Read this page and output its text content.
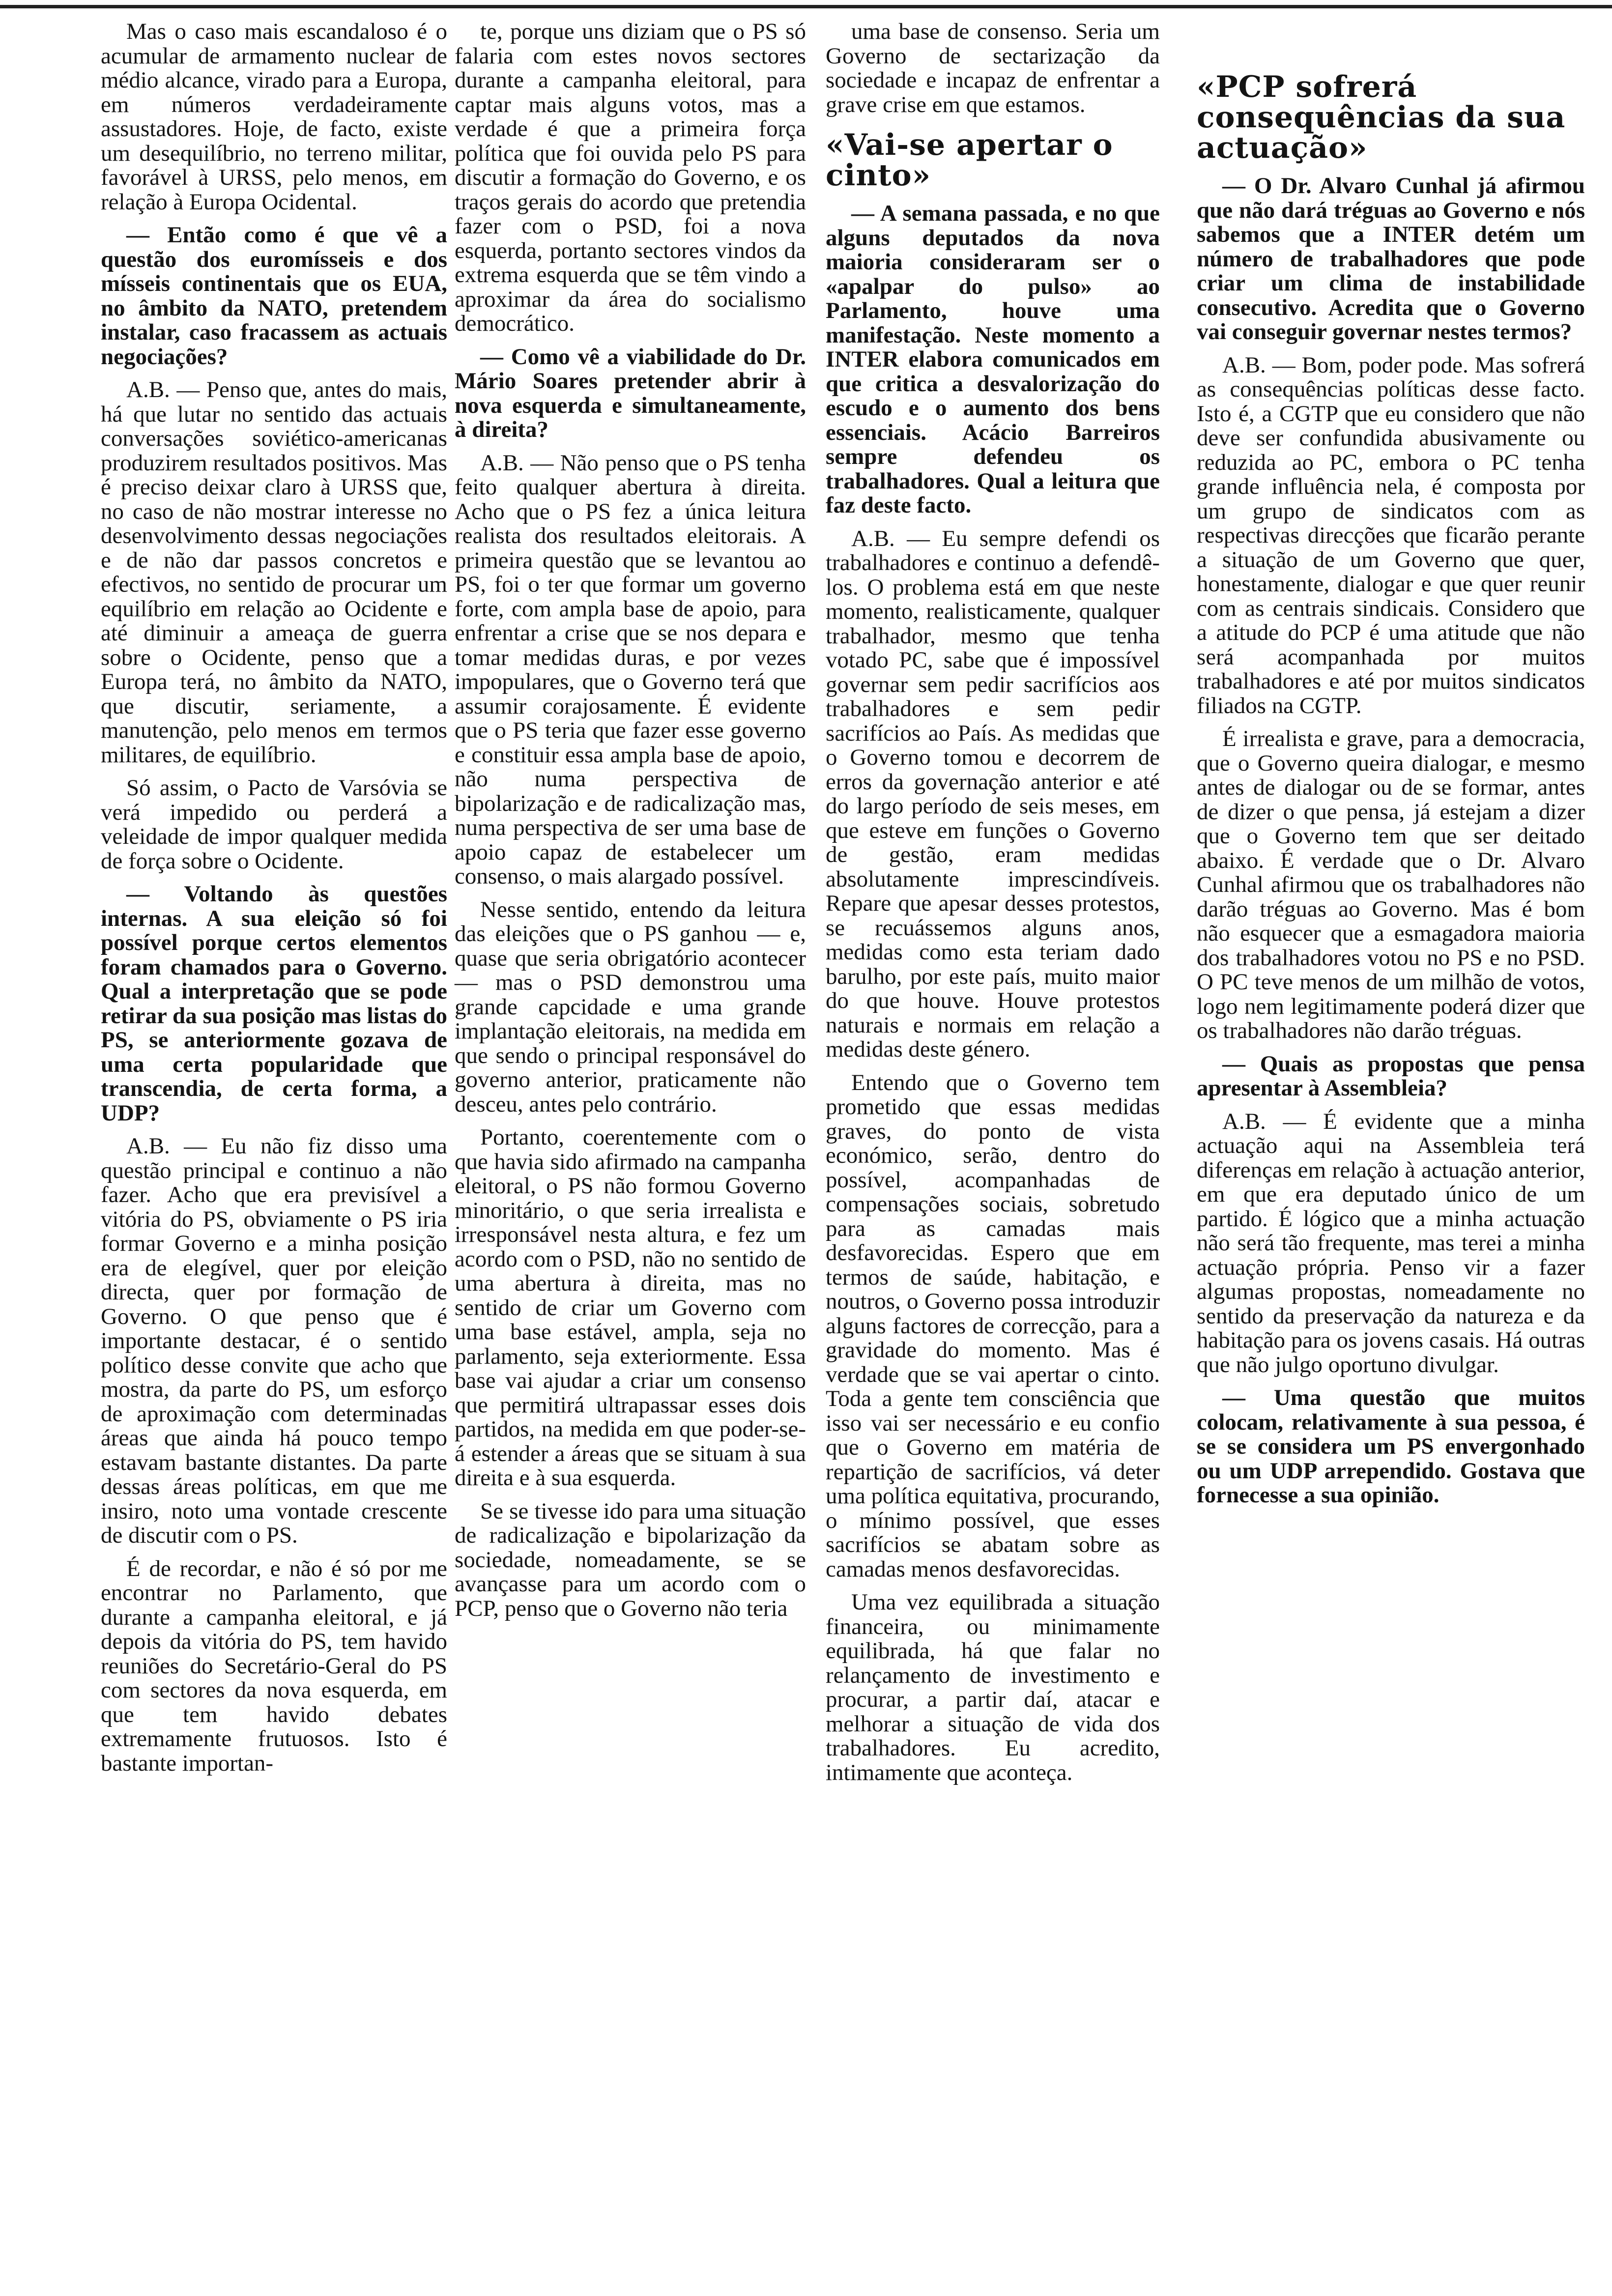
Mas o caso mais escandaloso é o acumular de armamento nuclear de médio alcance, virado para a Europa, em números verdadeiramente assustadores. Hoje, de facto, existe um desequilíbrio, no terreno militar, favorável à URSS, pelo menos, em relação à Europa Ocidental.

— Então como é que vê a questão dos euromísseis e dos mísseis continentais que os EUA, no âmbito da NATO, pretendem instalar, caso fracassem as actuais negociações?

A.B. — Penso que, antes do mais, há que lutar no sentido das actuais conversações soviético-americanas produzirem resultados positivos. Mas é preciso deixar claro à URSS que, no caso de não mostrar interesse no desenvolvimento dessas negociações e de não dar passos concretos e efectivos, no sentido de procurar um equilíbrio em relação ao Ocidente e até diminuir a ameaça de guerra sobre o Ocidente, penso que a Europa terá, no âmbito da NATO, que discutir, seriamente, a manutenção, pelo menos em termos militares, de equilíbrio.

Só assim, o Pacto de Varsóvia se verá impedido ou perderá a veleidade de impor qualquer medida de força sobre o Ocidente.

— Voltando às questões internas. A sua eleição só foi possível porque certos elementos foram chamados para o Governo. Qual a interpretação que se pode retirar da sua posição mas listas do PS, se anteriormente gozava de uma certa popularidade que transcendia, de certa forma, a UDP?

A.B. — Eu não fiz disso uma questão principal e continuo a não fazer. Acho que era previsível a vitória do PS, obviamente o PS iria formar Governo e a minha posição era de elegível, quer por eleição directa, quer por formação de Governo. O que penso que é importante destacar, é o sentido político desse convite que acho que mostra, da parte do PS, um esforço de aproximação com determinadas áreas que ainda há pouco tempo estavam bastante distantes. Da parte dessas áreas políticas, em que me insiro, noto uma vontade crescente de discutir com o PS.

É de recordar, e não é só por me encontrar no Parlamento, que durante a campanha eleitoral, e já depois da vitória do PS, tem havido reuniões do Secretário-Geral do PS com sectores da nova esquerda, em que tem havido debates extremamente frutuosos. Isto é bastante importan-

te, porque uns diziam que o PS só falaria com estes novos sectores durante a campanha eleitoral, para captar mais alguns votos, mas a verdade é que a primeira força política que foi ouvida pelo PS para discutir a formação do Governo, e os traços gerais do acordo que pretendia fazer com o PSD, foi a nova esquerda, portanto sectores vindos da extrema esquerda que se têm vindo a aproximar da área do socialismo democrático.

— Como vê a viabilidade do Dr. Mário Soares pretender abrir à nova esquerda e simultaneamente, à direita?

A.B. — Não penso que o PS tenha feito qualquer abertura à direita. Acho que o PS fez a única leitura realista dos resultados eleitorais. A primeira questão que se levantou ao PS, foi o ter que formar um governo forte, com ampla base de apoio, para enfrentar a crise que se nos depara e tomar medidas duras, e por vezes impopulares, que o Governo terá que assumir corajosamente. É evidente que o PS teria que fazer esse governo e constituir essa ampla base de apoio, não numa perspectiva de bipolarização e de radicalização mas, numa perspectiva de ser uma base de apoio capaz de estabelecer um consenso, o mais alargado possível.

Nesse sentido, entendo da leitura das eleições que o PS ganhou — e, quase que seria obrigatório acontecer — mas o PSD demonstrou uma grande capcidade e uma grande implantação eleitorais, na medida em que sendo o principal responsável do governo anterior, praticamente não desceu, antes pelo contrário.

Portanto, coerentemente com o que havia sido afirmado na campanha eleitoral, o PS não formou Governo minoritário, o que seria irrealista e irresponsável nesta altura, e fez um acordo com o PSD, não no sentido de uma abertura à direita, mas no sentido de criar um Governo com uma base estável, ampla, seja no parlamento, seja exteriormente. Essa base vai ajudar a criar um consenso que permitirá ultrapassar esses dois partidos, na medida em que poder-se-á estender a áreas que se situam à sua direita e à sua esquerda.

Se se tivesse ido para uma situação de radicalização e bipolarização da sociedade, nomeadamente, se se avançasse para um acordo com o PCP, penso que o Governo não teria

uma base de consenso. Seria um Governo de sectarização da sociedade e incapaz de enfrentar a grave crise em que estamos.

«Vai-se apertar o cinto»

— A semana passada, e no que alguns deputados da nova maioria consideraram ser o «apalpar do pulso» ao Parlamento, houve uma manifestação. Neste momento a INTER elabora comunicados em que critica a desvalorização do escudo e o aumento dos bens essenciais. Acácio Barreiros sempre defendeu os trabalhadores. Qual a leitura que faz deste facto.

A.B. — Eu sempre defendi os trabalhadores e continuo a defendê-los. O problema está em que neste momento, realisticamente, qualquer trabalhador, mesmo que tenha votado PC, sabe que é impossível governar sem pedir sacrifícios aos trabalhadores e sem pedir sacrifícios ao País. As medidas que o Governo tomou e decorrem de erros da governação anterior e até do largo período de seis meses, em que esteve em funções o Governo de gestão, eram medidas absolutamente imprescindíveis. Repare que apesar desses protestos, se recuássemos alguns anos, medidas como esta teriam dado barulho, por este país, muito maior do que houve. Houve protestos naturais e normais em relação a medidas deste género.

Entendo que o Governo tem prometido que essas medidas graves, do ponto de vista económico, serão, dentro do possível, acompanhadas de compensações sociais, sobretudo para as camadas mais desfavorecidas. Espero que em termos de saúde, habitação, e noutros, o Governo possa introduzir alguns factores de correcção, para a gravidade do momento. Mas é verdade que se vai apertar o cinto. Toda a gente tem consciência que isso vai ser necessário e eu confio que o Governo em matéria de repartição de sacrifícios, vá deter uma política equitativa, procurando, o mínimo possível, que esses sacrifícios se abatam sobre as camadas menos desfavorecidas.

Uma vez equilibrada a situação financeira, ou minimamente equilibrada, há que falar no relançamento de investimento e procurar, a partir daí, atacar e melhorar a situação de vida dos trabalhadores. Eu acredito, intimamente que aconteça.

«PCP sofrerá consequências da sua actuação»

— O Dr. Alvaro Cunhal já afirmou que não dará tréguas ao Governo e nós sabemos que a INTER detém um número de trabalhadores que pode criar um clima de instabilidade consecutivo. Acredita que o Governo vai conseguir governar nestes termos?

A.B. — Bom, poder pode. Mas sofrerá as consequências políticas desse facto. Isto é, a CGTP que eu considero que não deve ser confundida abusivamente ou reduzida ao PC, embora o PC tenha grande influência nela, é composta por um grupo de sindicatos com as respectivas direcções que ficarão perante a situação de um Governo que quer, honestamente, dialogar e que quer reunir com as centrais sindicais. Considero que a atitude do PCP é uma atitude que não será acompanhada por muitos trabalhadores e até por muitos sindicatos filiados na CGTP.

É irrealista e grave, para a democracia, que o Governo queira dialogar, e mesmo antes de dialogar ou de se formar, antes de dizer o que pensa, já estejam a dizer que o Governo tem que ser deitado abaixo. É verdade que o Dr. Alvaro Cunhal afirmou que os trabalhadores não darão tréguas ao Governo. Mas é bom não esquecer que a esmagadora maioria dos trabalhadores votou no PS e no PSD. O PC teve menos de um milhão de votos, logo nem legitimamente poderá dizer que os trabalhadores não darão tréguas.

— Quais as propostas que pensa apresentar à Assembleia?

A.B. — É evidente que a minha actuação aqui na Assembleia terá diferenças em relação à actuação anterior, em que era deputado único de um partido. É lógico que a minha actuação não será tão frequente, mas terei a minha actuação própria. Penso vir a fazer algumas propostas, nomeadamente no sentido da preservação da natureza e da habitação para os jovens casais. Há outras que não julgo oportuno divulgar.

— Uma questão que muitos colocam, relativamente à sua pessoa, é se se considera um PS envergonhado ou um UDP arrependido. Gostava que fornecesse a sua opinião.
